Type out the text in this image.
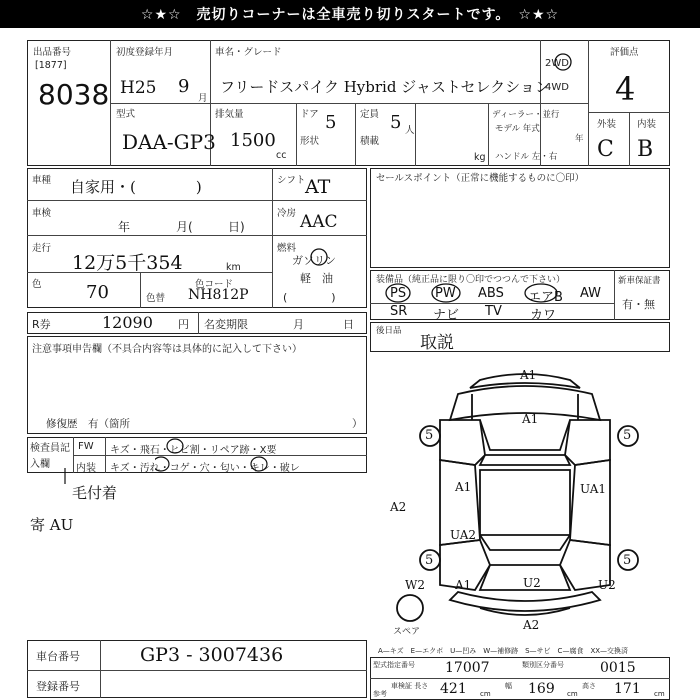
☆★☆　売切りコーナーは全車売り切りスタートです。　☆★☆
出品番号
[1877]
8038
初度登録年月
H25 9
月
車名・グレード
フリードスパイク Hybrid ジャストセレクション
2WD
4WD
評価点
4
外装 内装
C B
型式
DAA-GP3
排気量
1500
cc
ドア 5
形状
定員 5 人
積載
kg
ディーラー・並行
モデル 年式
年
ハンドル 左・右
車種 自家用・(　　　　)
車検
年	月(	日)
走行
12万5千354	km
色 70	色コード
色替 NH812P
シフト AT
冷房 AAC
燃料
ガソリン
軽　油
(　　　　)
セールスポイント（正常に機能するものに〇印）
装備品（純正品に限り〇印でつつんで下さい）	新車保証書
有・無
PS PW ABS エアB AW
SR ナビ TV カワ
R券	12090 円 名変期限	月	日
注意事項申告欄（不具合内容等は具体的に記入して下さい）
修復歴　有（箇所	）
後日品
取説
検査員記入欄
FW キズ・飛石・ヒビ割・リペア跡・X要
内装 キズ・汚れ・コゲ・穴・匂い・キレ・破レ
毛付着
寄 AU
A1
A1
5	5
A1	UA1
A2
UA2
5	5
W2	A1	U2	U2
A2
スペア
A—キズ　E—エクボ　U—凹み　W—補修跡　S—サビ　C—腐食　XX—交換済
車台番号	GP3 - 3007436
登録番号
型式指定番号 17007	類別区分番号	0015
参考
車検証 長さ 421 cm
幅 169 cm
高さ 171 cm
